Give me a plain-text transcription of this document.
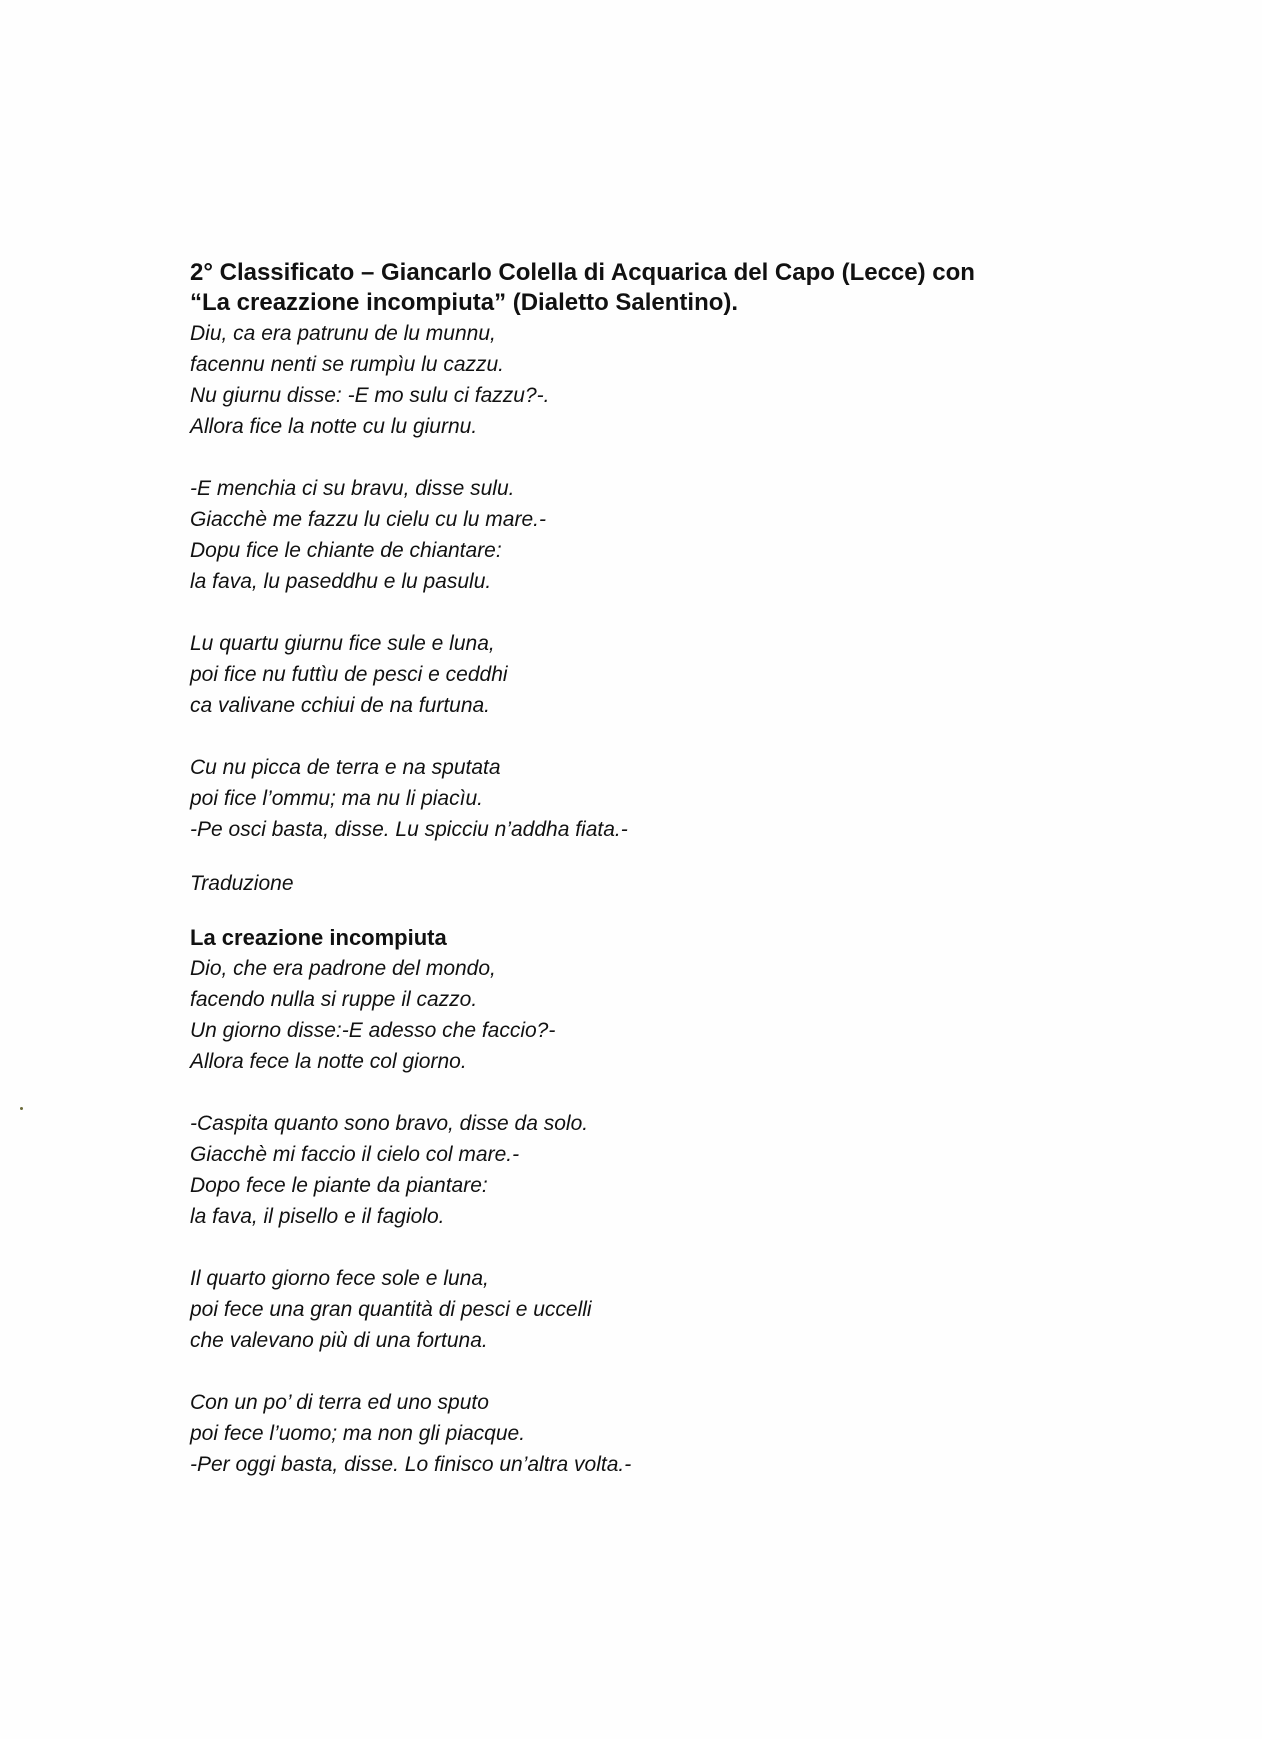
2° Classificato – Giancarlo Colella di Acquarica del Capo (Lecce) con

“La creazzione incompiuta” (Dialetto Salentino).

Diu, ca era patrunu de lu munnu,
facennu nenti se rumpìu lu cazzu.
Nu giurnu disse: -E mo sulu ci fazzu?-.
Allora fice la notte cu lu giurnu.
-E menchia ci su bravu, disse sulu.
Giacchè me fazzu lu cielu cu lu mare.-
Dopu fice le chiante de chiantare:
la fava, lu paseddhu e lu pasulu.
Lu quartu giurnu fice sule e luna,
poi fice nu futtìu de pesci e ceddhi
ca valivane cchiui de na furtuna.
Cu nu picca de terra e na sputata
poi fice l’ommu; ma nu li piacìu.
-Pe osci basta, disse. Lu spicciu n’addha fiata.-

Traduzione

La creazione incompiuta

Dio, che era padrone del mondo,
facendo nulla si ruppe il cazzo.
Un giorno disse:-E adesso che faccio?-
Allora fece la notte col giorno.
-Caspita quanto sono bravo, disse da solo.
Giacchè mi faccio il cielo col mare.-
Dopo fece le piante da piantare:
la fava, il pisello e il fagiolo.
Il quarto giorno fece sole e luna,
poi fece una gran quantità di pesci e uccelli
che valevano più di una fortuna.
Con un po’ di terra ed uno sputo
poi fece l’uomo; ma non gli piacque.
-Per oggi basta, disse. Lo finisco un’altra volta.-
